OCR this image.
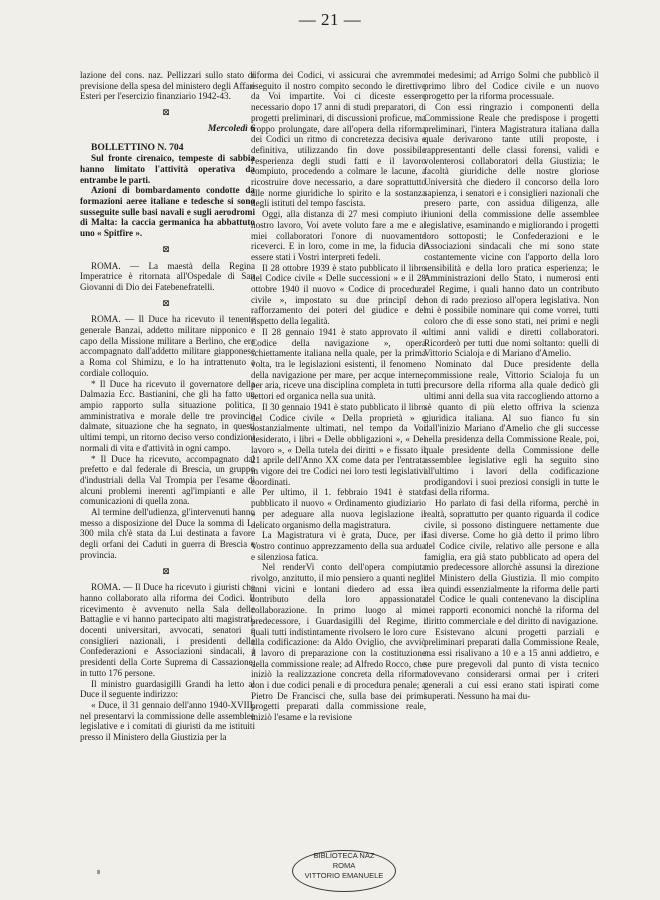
— 21 —

lazione del cons. naz. Pellizzari sullo stato di previsione della spesa del ministero degli Affari Esteri per l'esercizio finanziario 1942-43.

⊠
Mercoledì 6

BOLLETTINO N. 704

Sul fronte cirenaico, tempeste di sabbia hanno limitato l'attività operativa da entrambe le parti.

Azioni di bombardamento condotte da formazioni aeree italiane e tedesche si sono susseguite sulle basi navali e sugli aerodromi di Malta: la caccia germanica ha abbattuto uno « Spitfire ».

⊠

ROMA. — La maestà della Regina Imperatrice è ritornata all'Ospedale di San Giovanni di Dio dei Fatebenefratelli.

⊠

ROMA. — Il Duce ha ricevuto il tenente generale Banzai, addetto militare nipponico e capo della Missione militare a Berlino, che era accompagnato dall'addetto militare giapponese a Roma col Shimizu, e lo ha intrattenuto a cordiale colloquio.

* Il Duce ha ricevuto il governatore della Dalmazia Ecc. Bastianini, che gli ha fatto un ampio rapporto sulla situazione politica, amministrativa e morale delle tre provincie dalmate, situazione che ha segnato, in questi ultimi tempi, un ritorno deciso verso condizioni normali di vita e d'attività in ogni campo.

* Il Duce ha ricevuto, accompagnato dal prefetto e dal federale di Brescia, un gruppo d'industriali della Val Trompia per l'esame di alcuni problemi inerenti agl'impianti e alle comunicazioni di quella zona.

Al termine dell'udienza, gl'intervenuti hanno messo a disposizione del Duce la somma di L. 300 mila ch'è stata da Lui destinata a favore degli orfani dei Caduti in guerra di Brescia e provincia.

⊠

ROMA. — Il Duce ha ricevuto i giuristi che hanno collaborato alla riforma dei Codici. Il ricevimento è avvenuto nella Sala delle Battaglie e vi hanno partecipato alti magistrati, docenti universitari, avvocati, senatori e consiglieri nazionali, i presidenti delle Confederazioni e Associazioni sindacali, i presidenti della Corte Suprema di Cassazione, in tutto 176 persone.

Il ministro guardasigilli Grandi ha letto al Duce il seguente indirizzo:

« Duce, il 31 gennaio dell'anno 1940-XVIII, nel presentarvi la commissione delle assemblee legislative e i comitati di giuristi da me istituiti presso il Ministero della Giustizia per la

riforma dei Codici, vi assicurai che avremmo eseguito il nostro compito secondo le direttive da Voi impartite. Voi ci diceste essere necessario dopo 17 anni di studi preparatori, di progetti preliminari, di discussioni proficue, ma troppo prolungate, dare all'opera della riforma dei Codici un ritmo di concretezza decisiva e definitiva, utilizzando fin dove possibile l'esperienza degli studi fatti e il lavoro compiuto, procedendo a colmare le lacune, a ricostruire dove necessario, a dare soprattutto alle norme giuridiche lo spirito e la sostanza degli istituti del tempo fascista.

Oggi, alla distanza di 27 mesi compiuto il nostro lavoro, Voi avete voluto fare a me e ai miei collaboratori l'onore di nuovamente riceverci. E in loro, come in me, la fiducia di essere stati i Vostri interpreti fedeli.

Il 28 ottobre 1939 è stato pubblicato il libro del Codice civile « Delle successioni » e il 28 ottobre 1940 il nuovo « Codice di procedura civile », impostato su due principî del rafforzamento dei poteri del giudice e del rispetto della legalità.

Il 28 gennaio 1941 è stato approvato il « Codice della navigazione », opera schiettamente italiana nella quale, per la prima volta, tra le legislazioni esistenti, il fenomeno della navigazione per mare, per acque interne, per aria, riceve una disciplina completa in tutti i settori ed organica nella sua unità.

Il 30 gennaio 1941 è stato pubblicato il libro del Codice civile « Della proprietà » e sostanzialmente ultimati, nel tempo da Voi desiderato, i libri « Delle obbligazioni », « Del lavoro », « Della tutela dei diritti » e fissato il 21 aprile dell'Anno XX come data per l'entrata in vigore dei tre Codici nei loro testi legislativi coordinati.

Per ultimo, il 1. febbraio 1941 è stato pubblicato il nuovo « Ordinamento giudiziario » per adeguare alla nuova legislazione il delicato organismo della magistratura.

La Magistratura vi è grata, Duce, per il Vostro continuo apprezzamento della sua ardua e silenziosa fatica.

Nel renderVi conto dell'opera compiuta rivolgo, anzitutto, il mio pensiero a quanti negli anni vicini e lontani diedero ad essa il contributo della loro appassionata collaborazione. In primo luogo al mio predecessore, i Guardasigilli del Regime, i quali tutti indistintamente rivolsero le loro cure alla codificazione: da Aldo Oviglio, che avviò il lavoro di preparazione con la costituzione della commissione reale; ad Alfredo Rocco, che iniziò la realizzazione concreta della riforma con i due codici penali e di procedura penale; a Pietro De Francisci che, sulla base dei primi progetti preparati dalla commissione reale, iniziò l'esame e la revisione

dei medesimi; ad Arrigo Solmi che pubblicò il primo libro del Codice civile e un nuovo progetto per la riforma processuale.

Con essi ringrazio i componenti della Commissione Reale che predispose i progetti preliminari, l'intera Magistratura italiana dalla quale derivarono tante utili proposte, i rappresentanti delle classi forensi, validi e volenterosi collaboratori della Giustizia; le facoltà giuridiche delle nostre gloriose Università che diedero il concorso della loro sapienza, i senatori e i consiglieri nazionali che presero parte, con assidua diligenza, alle riunioni della commissione delle assemblee legislative, esaminando e migliorando i progetti loro sottoposti; le Confederazioni e le Associazioni sindacali che mi sono state costantemente vicine con l'apporto della loro sensibilità e della loro pratica esperienza; le Amministrazioni dello Stato, i numerosi enti del Regime, i quali hanno dato un contributo non di rado prezioso all'opera legislativa. Non mi è possibile nominare qui come vorrei, tutti coloro che di esse sono stati, nei primi e negli ultimi anni validi e diretti collaboratori. Ricorderò per tutti due nomi soltanto: quelli di Vittorio Scialoja e di Mariano d'Amelio.

Nominato dal Duce presidente della commissione reale, Vittorio Scialoja fu un precursore della riforma alla quale dedicò gli ultimi anni della sua vita raccogliendo attorno a sè quanto di più eletto offriva la scienza giuridica italiana. Al suo fianco fu sin dall'inizio Mariano d'Amelio che gli successe nella presidenza della Commissione Reale, poi, quale presidente della Commissione delle assemblee legislative egli ha seguito sino all'ultimo i lavori della codificazione prodigandovi i suoi preziosi consigli in tutte le fasi della riforma.

Ho parlato di fasi della riforma, perchè in realtà, soprattutto per quanto riguarda il codice civile, si possono distinguere nettamente due fasi diverse. Come ho già detto il primo libro del Codice civile, relativo alle persone e alla famiglia, era già stato pubblicato ad opera del mio predecessore allorchè assunsi la direzione del Ministero della Giustizia. Il mio compito era quindi essenzialmente la riforma delle parti del Codice le quali contenevano la disciplina nei rapporti economici nonchè la riforma del diritto commerciale e del diritto di navigazione.

Esistevano alcuni progetti parziali e preliminari preparati dalla Commissione Reale, ma essi risalivano a 10 e a 15 anni addietro, e se pure pregevoli dal punto di vista tecnico dovevano considerarsi ormai per i criteri generali a cui essi erano stati ispirati come superati. Nessuno ha mai du-

BIBLIOTECA NAZ
ROMA
VITTORIO EMANUELE
